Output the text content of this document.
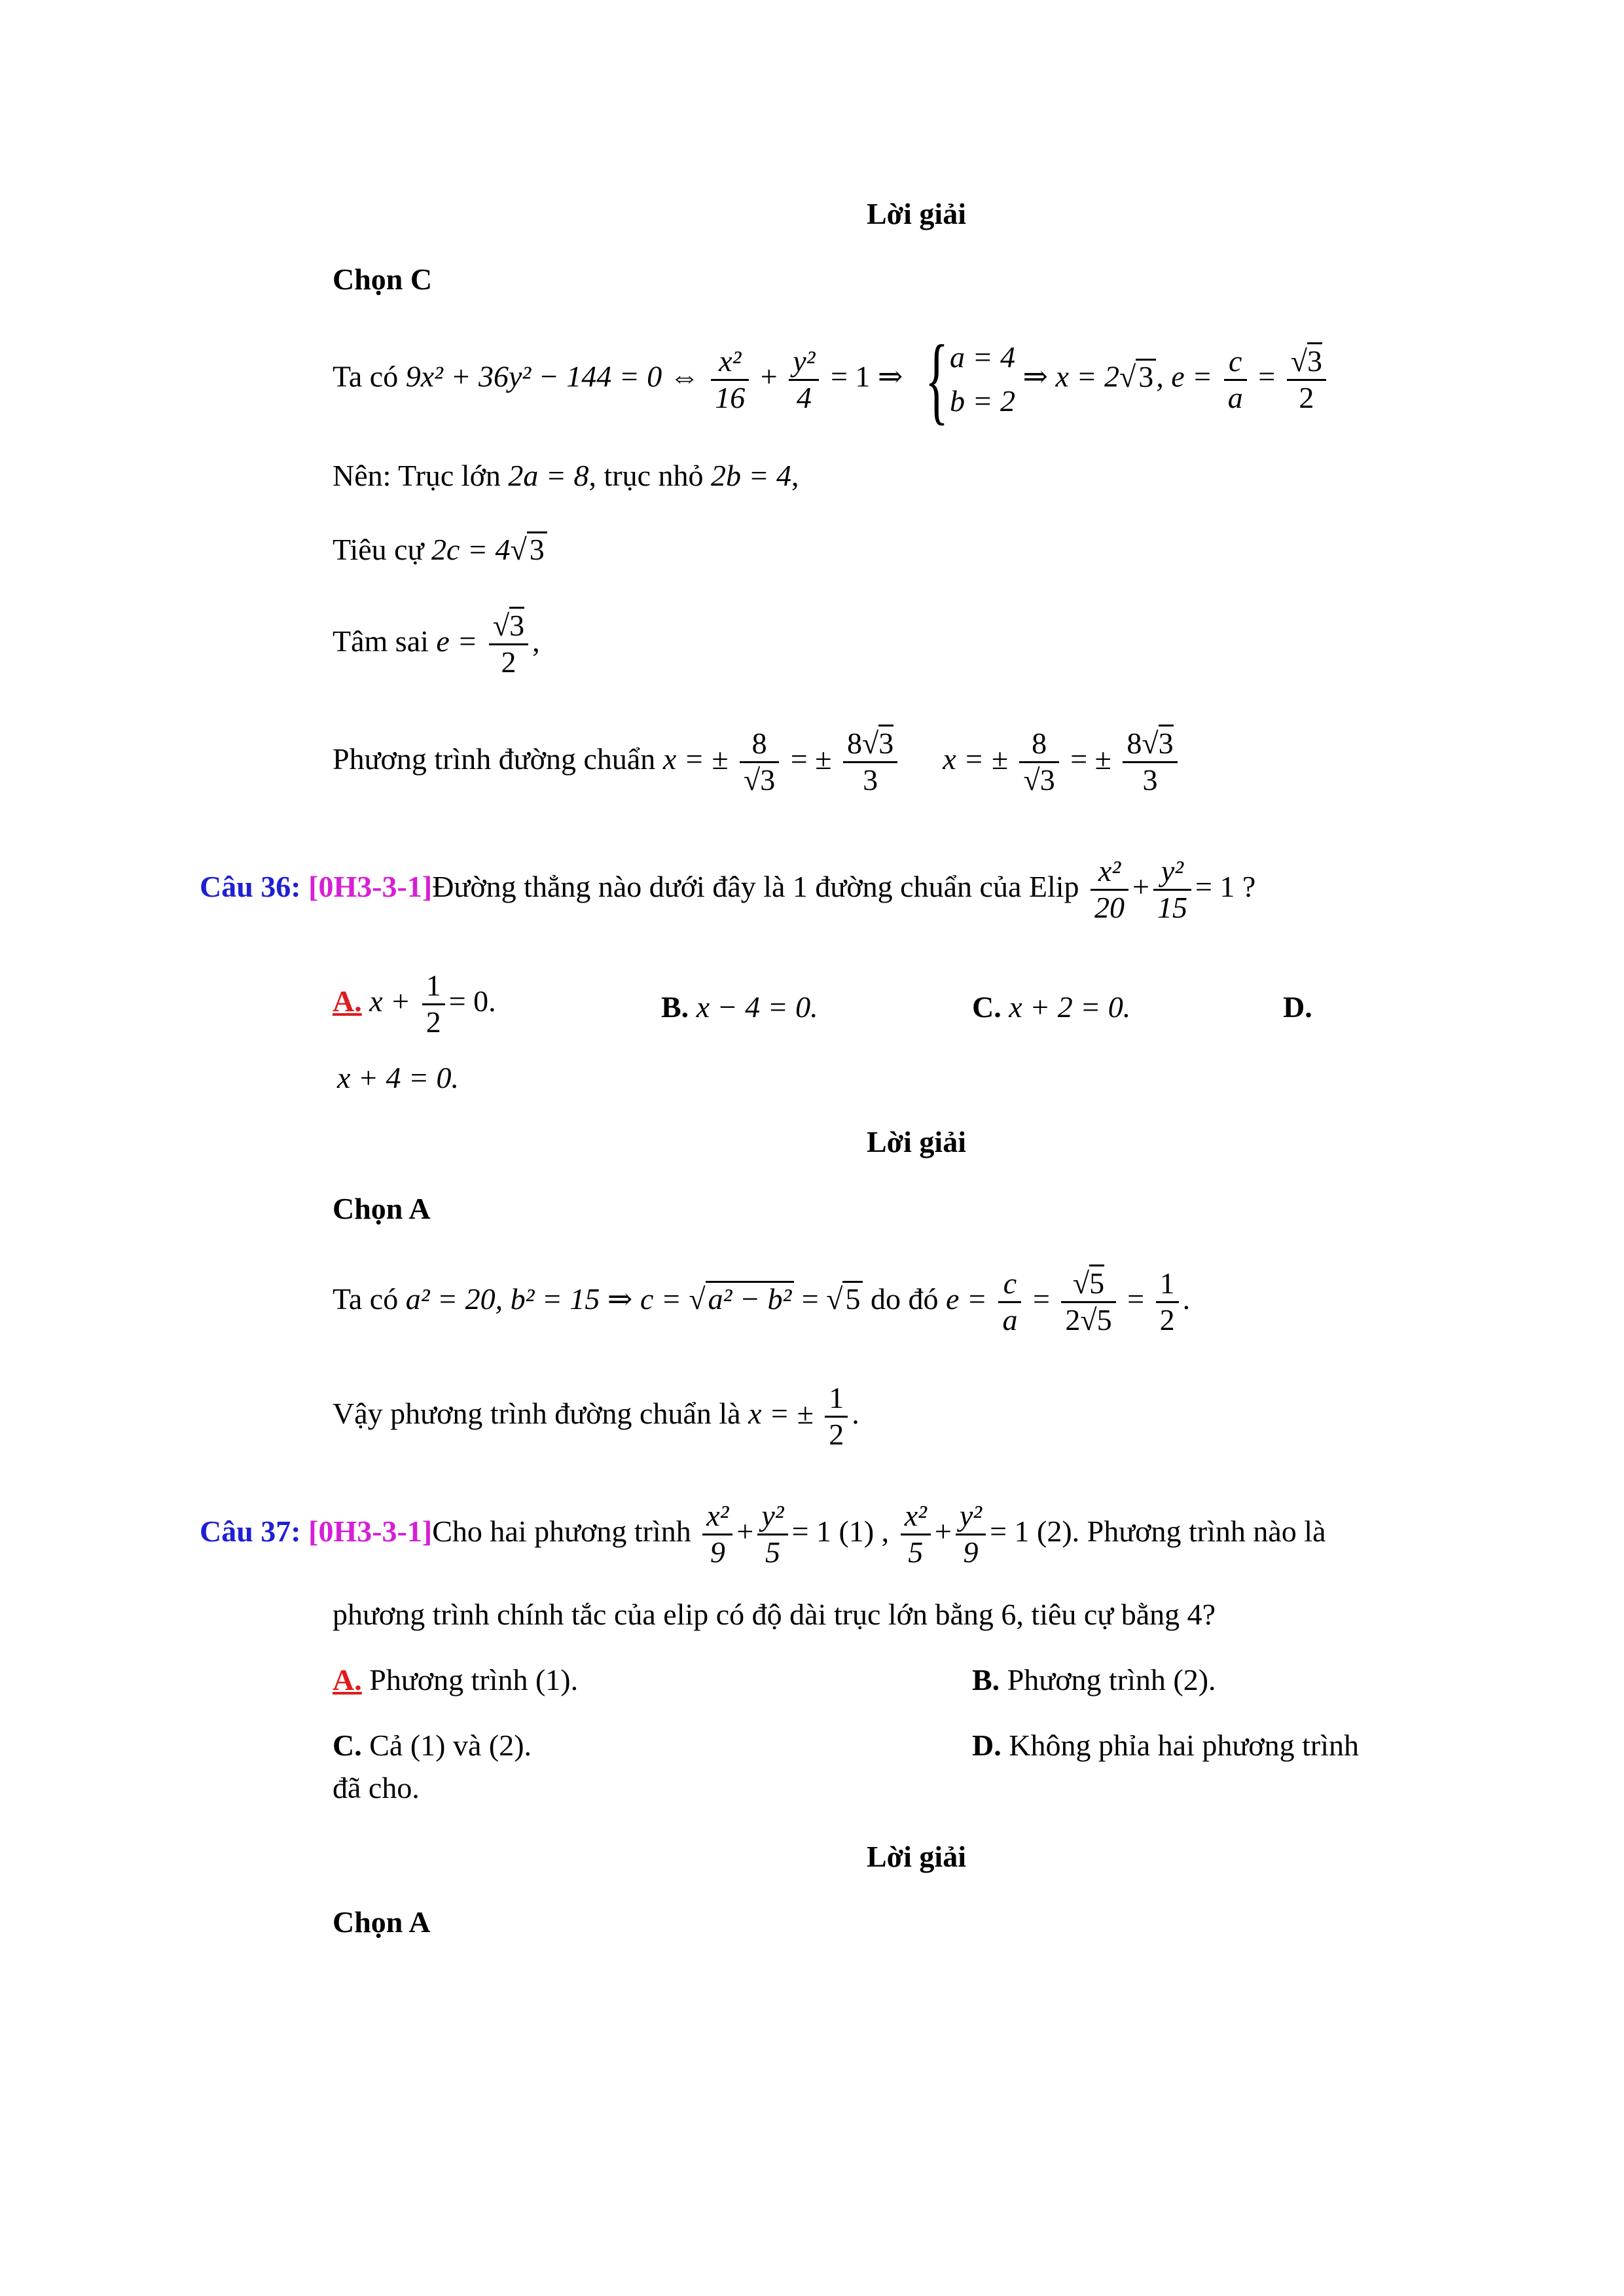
Lời giải
Chọn C
Ta có 9x² + 36y² − 144 = 0 ⇔ $\frac{\text{x²}}{16} + \frac{\text{y²}}{4} = 1$ ⇒ { a = 4
b = 2
⇒ x = 2√3, $e = \frac{c}{a} = \frac{√3}{2}$
Nên: Trục lớn 2a = 8, trục nhỏ 2b = 4,
Tiêu cự 2c = 4√3
Tâm sai $e = \frac{√3}{2}$ ,
Phương trình đường chuẩn x = ± $\frac{8}{√3}$ = ± $\frac{8√3}{3}$ x = ± $\frac{8}{√3}$ = ± $\frac{8√3}{3}$
Câu 36: [0H3-3-1]Đường thẳng nào dưới đây là 1 đường chuẩn của Elip $\frac{\text{x²}}{20} + \frac{\text{y²}}{15} = 1$ ?
A. $x + \frac{1}{2} = 0$.	B. x − 4 = 0.	C. x + 2 = 0.	D.
x + 4 = 0.
Lời giải
Chọn A
Ta có a² = 20, b² = 15 ⇒ c = √a² − b² = √5 do đó $e = \frac{c}{a} = \frac{√5}{2√5} = \frac{1}{2}$ .
Vậy phương trình đường chuẩn là x = ± $\frac{1}{2}$ .
Câu 37: [0H3-3-1]Cho hai phương trình $\frac{\text{x²}}{9} + \frac{\text{y²}}{5} = 1$ (1) , $\frac{\text{x²}}{5} + \frac{\text{y²}}{9} = 1$ (2). Phương trình nào là
phương trình chính tắc của elip có độ dài trục lớn bằng 6, tiêu cự bằng 4?
A. Phương trình (1).	B. Phương trình (2).
C. Cả (1) và (2).	D. Không phỉa hai phương trình
đã cho.
Lời giải
Chọn A
